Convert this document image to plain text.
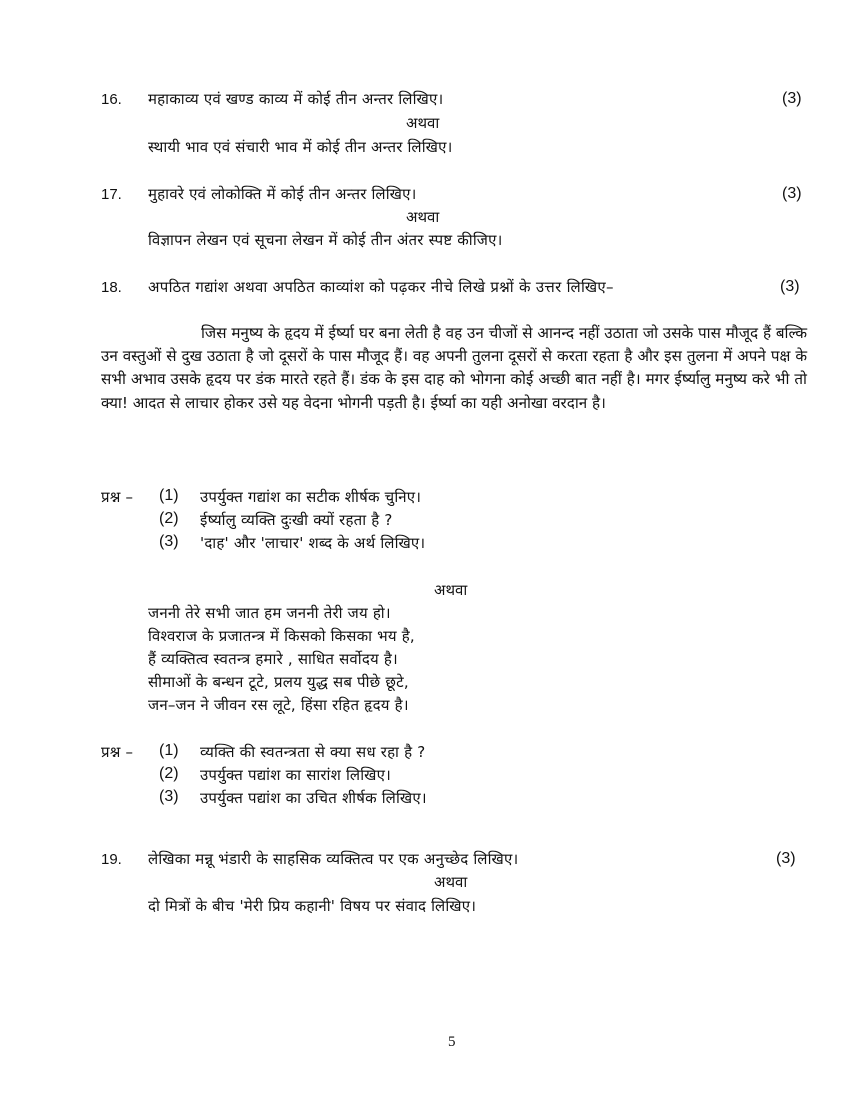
16. महाकाव्य एवं खण्ड काव्य में कोई तीन अन्तर लिखिए।	(3)
अथवा
स्थायी भाव एवं संचारी भाव में कोई तीन अन्तर लिखिए।
17. मुहावरे एवं लोकोक्ति में कोई तीन अन्तर लिखिए।	(3)
अथवा
विज्ञापन लेखन एवं सूचना लेखन में कोई तीन अंतर स्पष्ट कीजिए।
18. अपठित गद्यांश अथवा अपठित काव्यांश को पढ़कर नीचे लिखे प्रश्नों के उत्तर लिखिए–	(3)
जिस मनुष्य के हृदय में ईर्ष्या घर बना लेती है वह उन चीजों से आनन्द नहीं उठाता जो उसके पास मौजूद हैं बल्कि उन वस्तुओं से दुख उठाता है जो दूसरों के पास मौजूद हैं। वह अपनी तुलना दूसरों से करता रहता है और इस तुलना में अपने पक्ष के सभी अभाव उसके हृदय पर डंक मारते रहते हैं। डंक के इस दाह को भोगना कोई अच्छी बात नहीं है। मगर ईर्ष्यालु मनुष्य करे भी तो क्या! आदत से लाचार होकर उसे यह वेदना भोगनी पड़ती है। ईर्ष्या का यही अनोखा वरदान है।
प्रश्न – (1) उपर्युक्त गद्यांश का सटीक शीर्षक चुनिए।
(2) ईर्ष्यालु व्यक्ति दुःखी क्यों रहता है ?
(3) 'दाह' और 'लाचार' शब्द के अर्थ लिखिए।
अथवा
जननी तेरे सभी जात हम जननी तेरी जय हो।
विश्वराज के प्रजातन्त्र में किसको किसका भय है,
हैं व्यक्तित्व स्वतन्त्र हमारे , साधित सर्वोदय है।
सीमाओं के बन्धन टूटे, प्रलय युद्ध सब पीछे छूटे,
जन–जन ने जीवन रस लूटे, हिंसा रहित हृदय है।
प्रश्न – (1) व्यक्ति की स्वतन्त्रता से क्या सध रहा है ?
(2) उपर्युक्त पद्यांश का सारांश लिखिए।
(3) उपर्युक्त पद्यांश का उचित शीर्षक लिखिए।
19. लेखिका मन्नू भंडारी के साहसिक व्यक्तित्व पर एक अनुच्छेद लिखिए।	(3)
अथवा
दो मित्रों के बीच 'मेरी प्रिय कहानी' विषय पर संवाद लिखिए।
5
